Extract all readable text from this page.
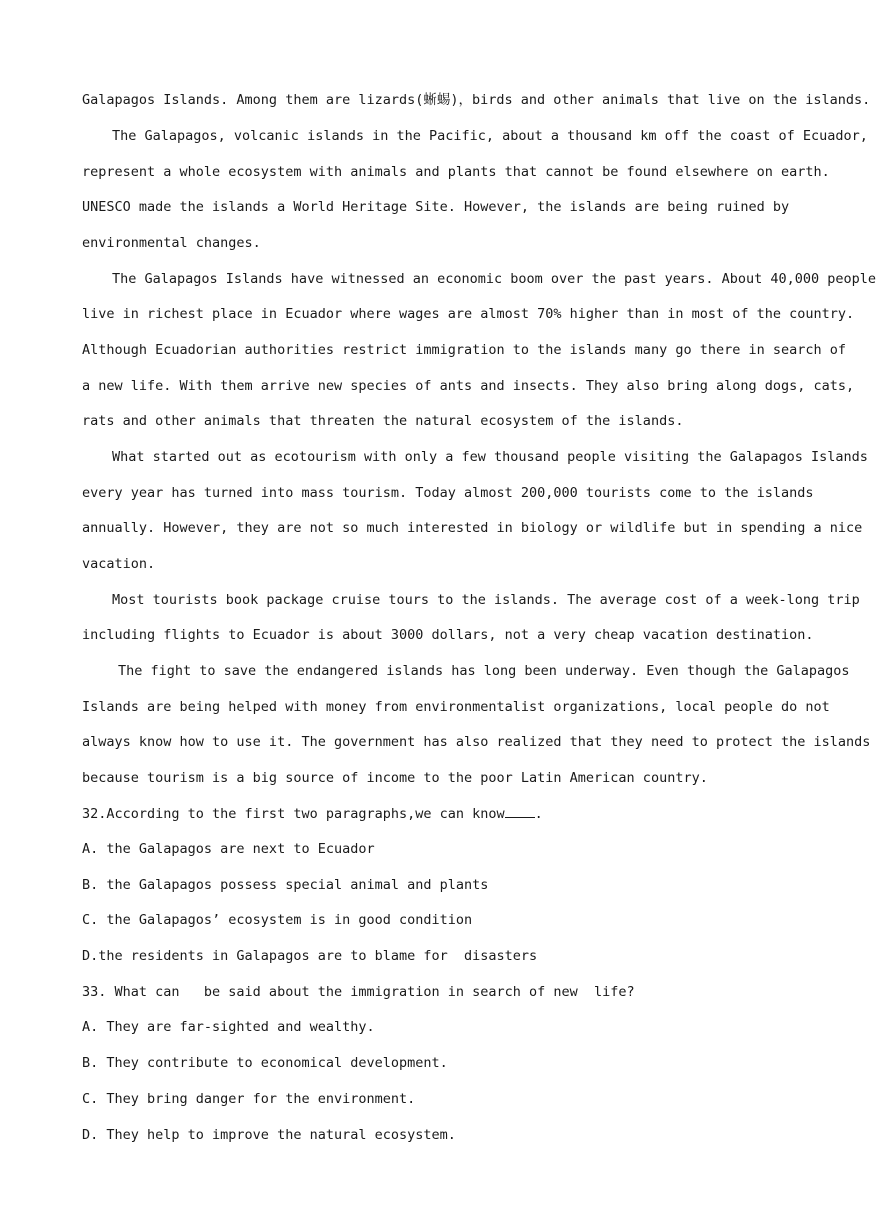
Galapagos Islands. Among them are lizards(蜥蜴)，birds and other animals that live on the islands.
The Galapagos, volcanic islands in the Pacific, about a thousand km off the coast of Ecuador,
represent a whole ecosystem with animals and plants that cannot be found elsewhere on earth.
UNESCO made the islands a World Heritage Site. However, the islands are being ruined by
environmental changes.
The Galapagos Islands have witnessed an economic boom over the past years. About 40,000 people
live in richest place in Ecuador where wages are almost 70% higher than in most of the country.
Although Ecuadorian authorities restrict immigration to the islands many go there in search of
a new life. With them arrive new species of ants and insects. They also bring along dogs, cats,
rats and other animals that threaten the natural ecosystem of the islands.
What started out as ecotourism with only a few thousand people visiting the Galapagos Islands
every year has turned into mass tourism. Today almost 200,000 tourists come to the islands
annually. However, they are not so much interested in biology or wildlife but in spending a nice
vacation.
Most tourists book package cruise tours to the islands. The average cost of a week-long trip
including flights to Ecuador is about 3000 dollars, not a very cheap vacation destination.
The fight to save the endangered islands has long been underway. Even though the Galapagos
Islands are being helped with money from environmentalist organizations, local people do not
always know how to use it. The government has also realized that they need to protect the islands
because tourism is a big source of income to the poor Latin American country.
32.According to the first two paragraphs,we can know .
A. the Galapagos are next to Ecuador
B. the Galapagos possess special animal and plants
C. the Galapagos’ ecosystem is in good condition
D.the residents in Galapagos are to blame for  disasters
33. What can   be said about the immigration in search of new  life?
A. They are far-sighted and wealthy.
B. They contribute to economical development.
C. They bring danger for the environment.
D. They help to improve the natural ecosystem.
